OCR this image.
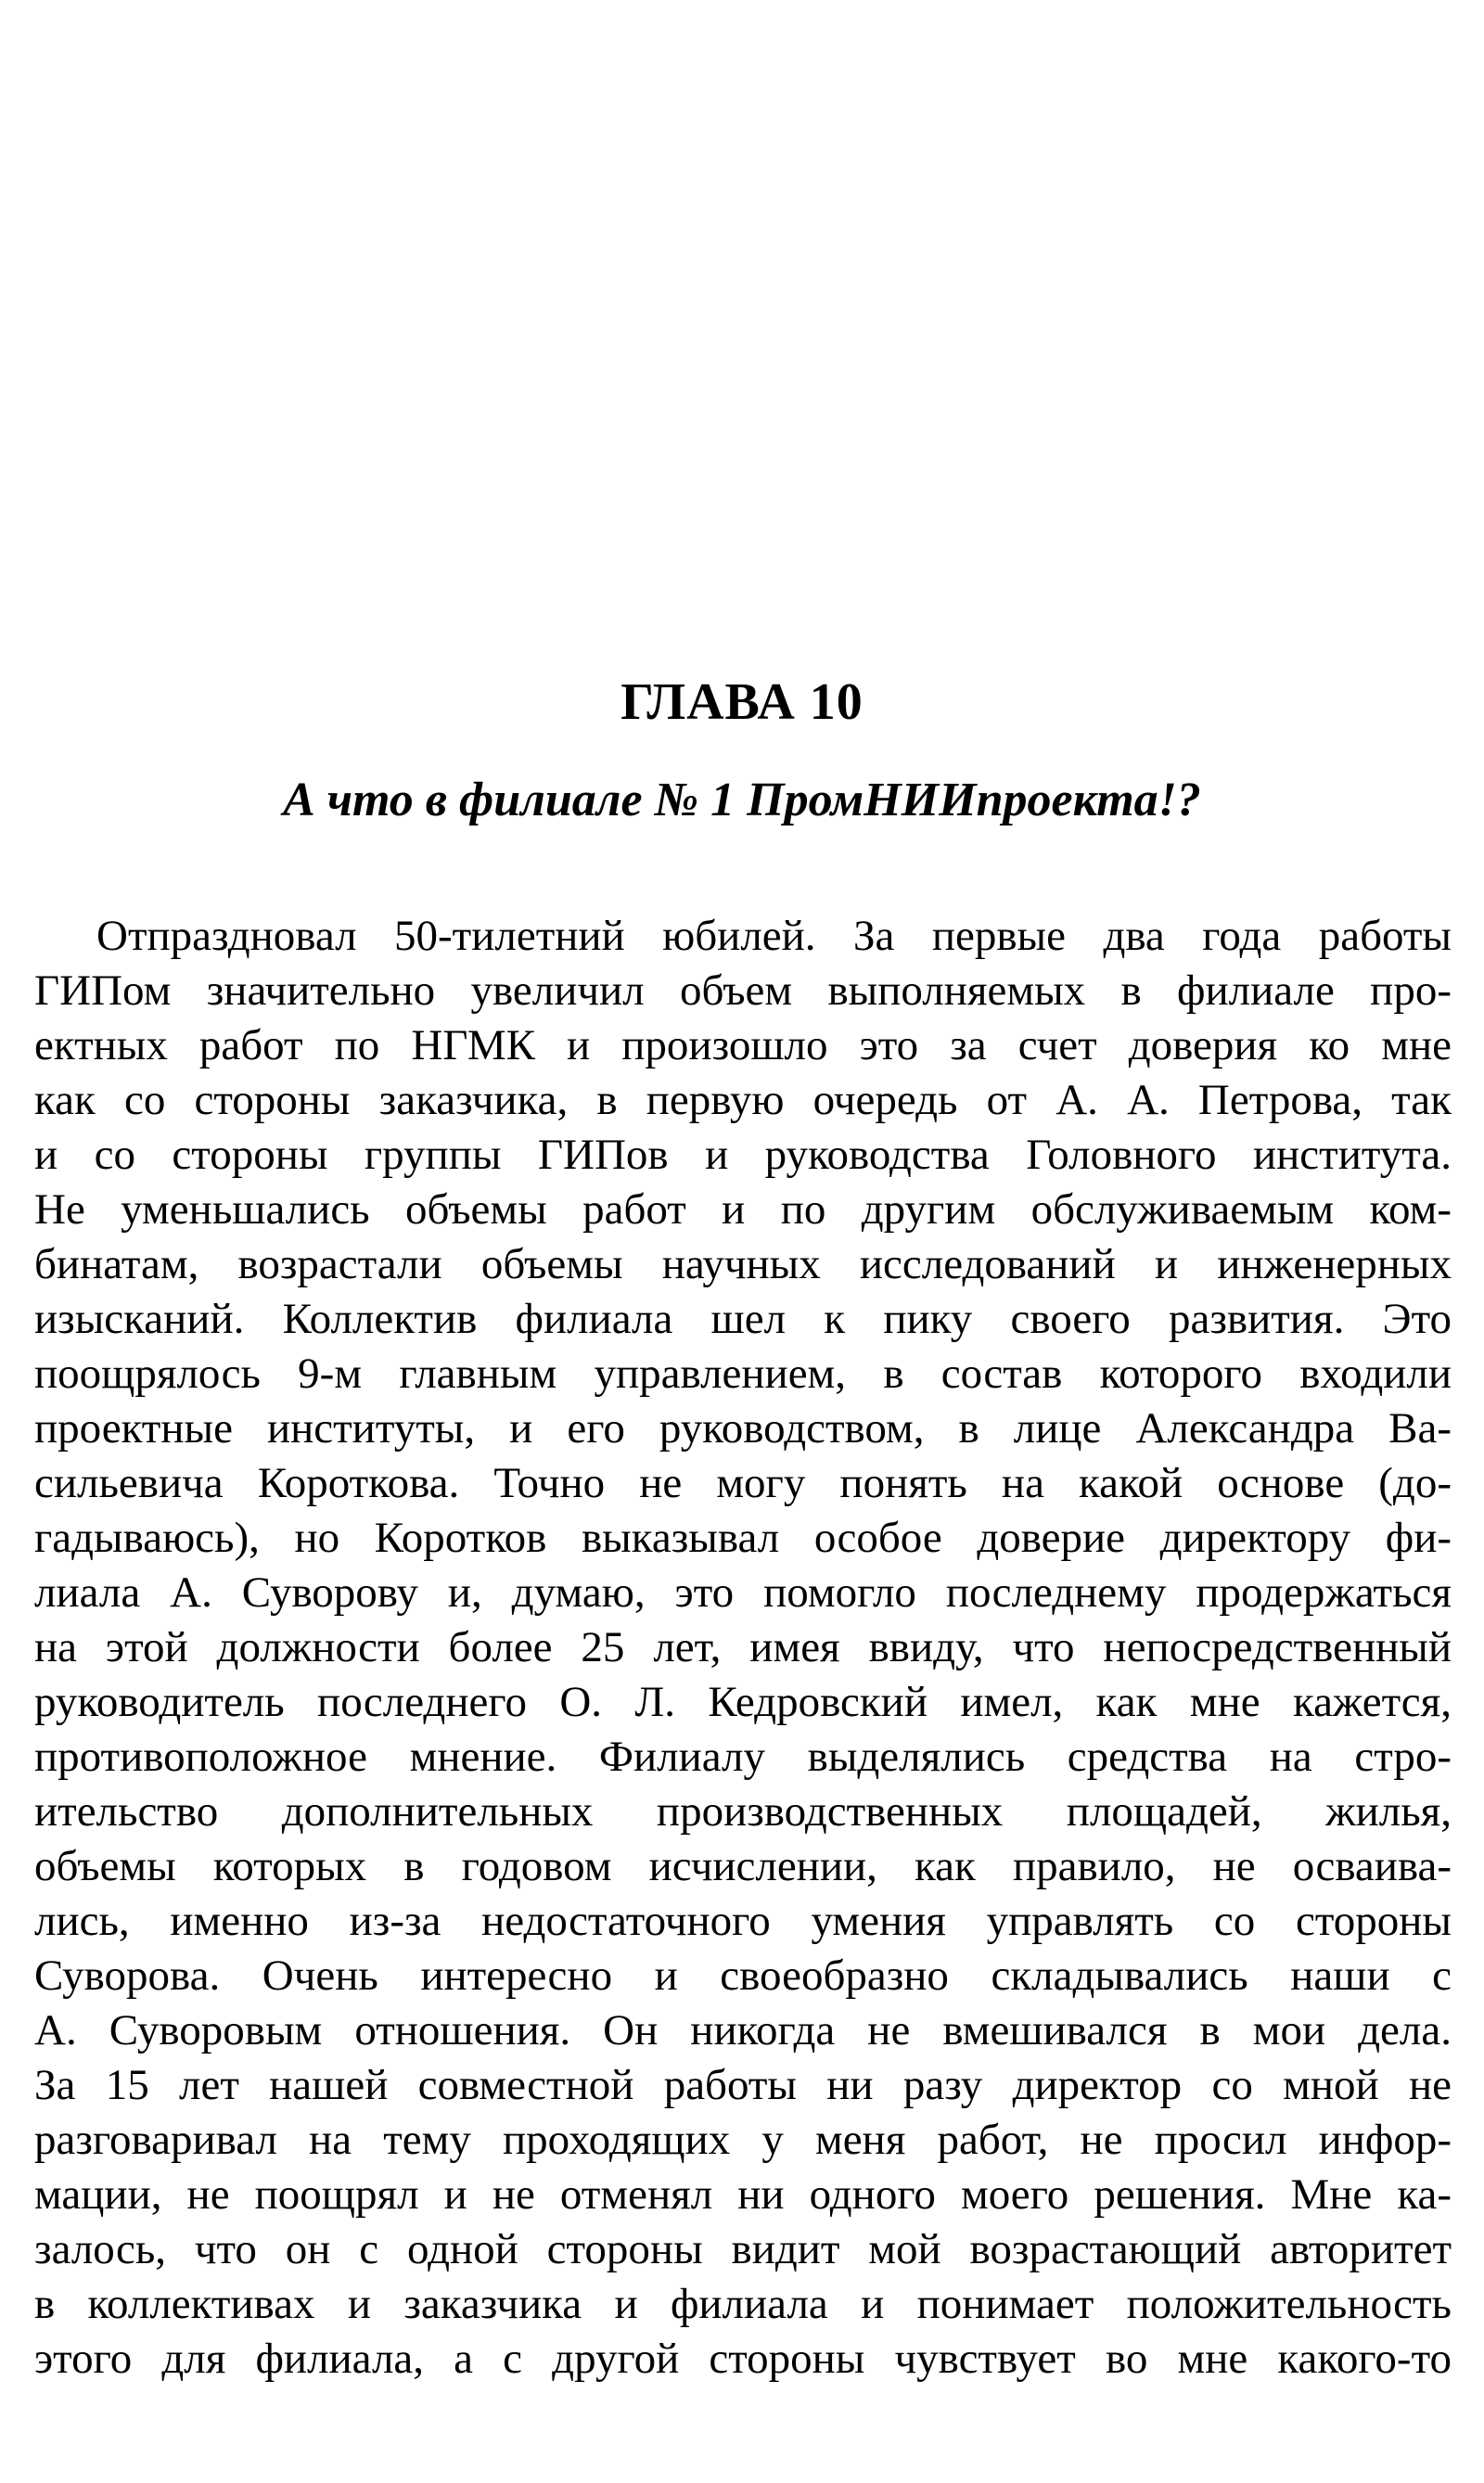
ГЛАВА 10
А что в филиале № 1 ПромНИИпроекта!?
Отпраздновал 50-тилетний юбилей. За первые два года работы
ГИПом значительно увеличил объем выполняемых в филиале про-
ектных работ по НГМК и произошло это за счет доверия ко мне
как со стороны заказчика, в первую очередь от А. А. Петрова, так
и со стороны группы ГИПов и руководства Головного института.
Не уменьшались объемы работ и по другим обслуживаемым ком-
бинатам, возрастали объемы научных исследований и инженерных
изысканий. Коллектив филиала шел к пику своего развития. Это
поощрялось 9-м главным управлением, в состав которого входили
проектные институты, и его руководством, в лице Александра Ва-
сильевича Короткова. Точно не могу понять на какой основе (до-
гадываюсь), но Коротков выказывал особое доверие директору фи-
лиала А. Суворову и, думаю, это помогло последнему продержаться
на этой должности более 25 лет, имея ввиду, что непосредственный
руководитель последнего О. Л. Кедровский имел, как мне кажется,
противоположное мнение. Филиалу выделялись средства на стро-
ительство дополнительных производственных площадей, жилья,
объемы которых в годовом исчислении, как правило, не осваива-
лись, именно из-за недостаточного умения управлять со стороны
Суворова. Очень интересно и своеобразно складывались наши с
А. Суворовым отношения. Он никогда не вмешивался в мои дела.
За 15 лет нашей совместной работы ни разу директор со мной не
разговаривал на тему проходящих у меня работ, не просил инфор-
мации, не поощрял и не отменял ни одного моего решения. Мне ка-
залось, что он с одной стороны видит мой возрастающий авторитет
в коллективах и заказчика и филиала и понимает положительность
этого для филиала, а с другой стороны чувствует во мне какого-то
